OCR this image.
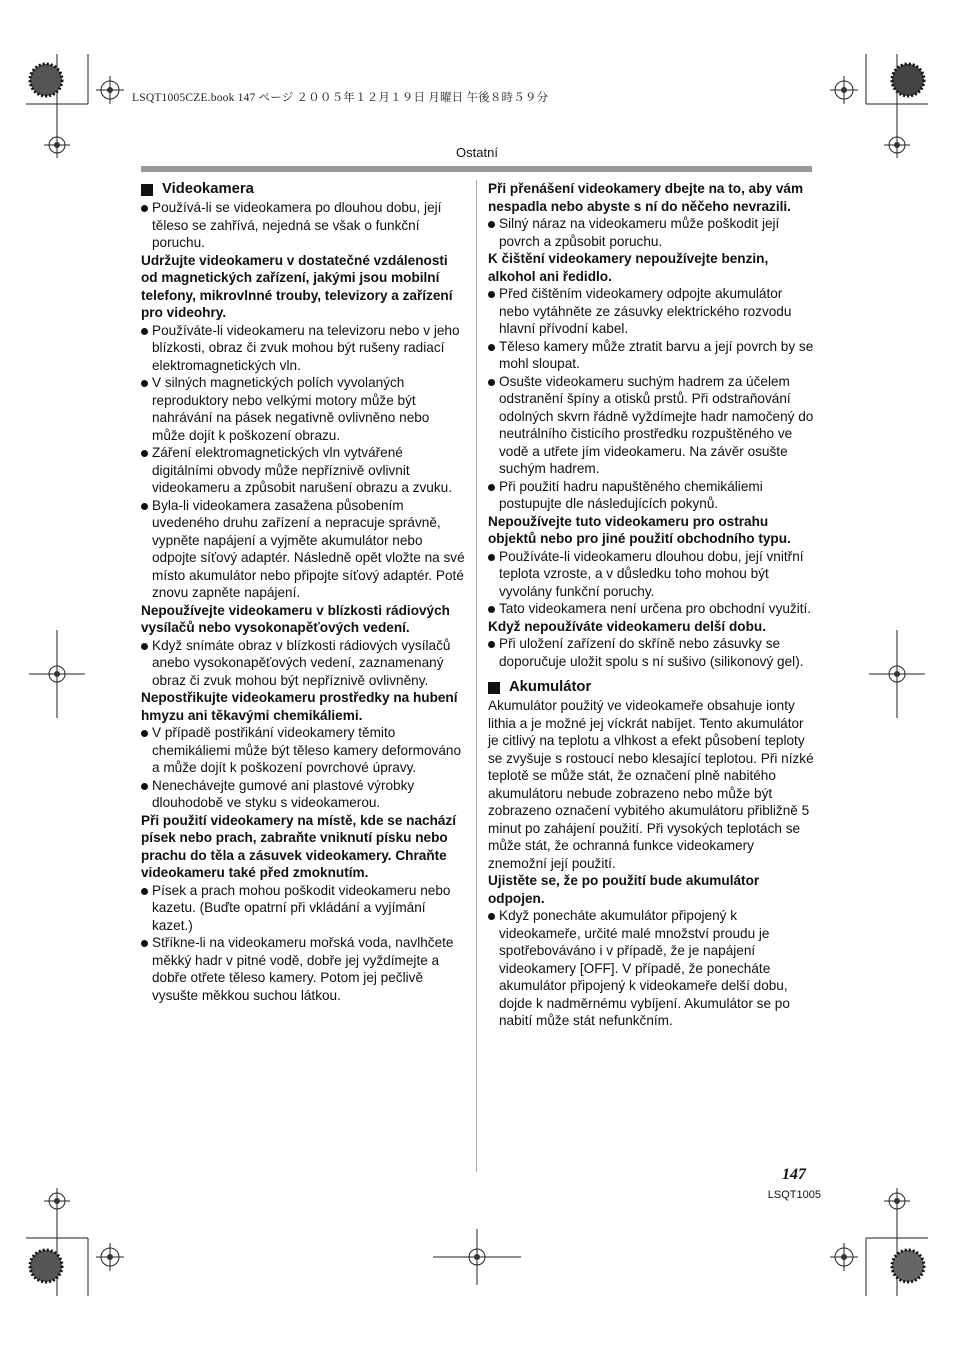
LSQT1005CZE.book 147 ページ ２００５年１２月１９日 月曜日 午後８時５９分
Ostatní
Videokamera

Používá-li se videokamera po dlouhou dobu, její těleso se zahřívá, nejedná se však o funkční poruchu.

Udržujte videokameru v dostatečné vzdálenosti od magnetických zařízení, jakými jsou mobilní telefony, mikrovlnné trouby, televizory a zařízení pro videohry.

Používáte-li videokameru na televizoru nebo v jeho blízkosti, obraz či zvuk mohou být rušeny radiací elektromagnetických vln.

V silných magnetických polích vyvolaných reproduktory nebo velkými motory může být nahrávání na pásek negativně ovlivněno nebo může dojít k poškození obrazu.

Záření elektromagnetických vln vytvářené digitálními obvody může nepříznivě ovlivnit videokameru a způsobit narušení obrazu a zvuku.

Byla-li videokamera zasažena působením uvedeného druhu zařízení a nepracuje správně, vypněte napájení a vyjměte akumulátor nebo odpojte síťový adaptér. Následně opět vložte na své místo akumulátor nebo připojte síťový adaptér. Poté znovu zapněte napájení.

Nepoužívejte videokameru v blízkosti rádiových vysílačů nebo vysokonapěťových vedení.

Když snímáte obraz v blízkosti rádiových vysílačů anebo vysokonapěťových vedení, zaznamenaný obraz či zvuk mohou být nepříznivě ovlivněny.

Nepostřikujte videokameru prostředky na hubení hmyzu ani těkavými chemikáliemi.

V případě postřikání videokamery těmito chemikáliemi může být těleso kamery deformováno a může dojít k poškození povrchové úpravy.

Nenechávejte gumové ani plastové výrobky dlouhodobě ve styku s videokamerou.

Při použití videokamery na místě, kde se nachází písek nebo prach, zabraňte vniknutí písku nebo prachu do těla a zásuvek videokamery. Chraňte videokameru také před zmoknutím.

Písek a prach mohou poškodit videokameru nebo kazetu. (Buďte opatrní při vkládání a vyjímání kazet.)

Stříkne-li na videokameru mořská voda, navlhčete měkký hadr v pitné vodě, dobře jej vyždímejte a dobře otřete těleso kamery. Potom jej pečlivě vysušte měkkou suchou látkou.

Při přenášení videokamery dbejte na to, aby vám nespadla nebo abyste s ní do něčeho nevrazili.

Silný náraz na videokameru může poškodit její povrch a způsobit poruchu.

K čištění videokamery nepoužívejte benzin, alkohol ani ředidlo.

Před čištěním videokamery odpojte akumulátor nebo vytáhněte ze zásuvky elektrického rozvodu hlavní přívodní kabel.

Těleso kamery může ztratit barvu a její povrch by se mohl sloupat.

Osušte videokameru suchým hadrem za účelem odstranění špíny a otisků prstů. Při odstraňování odolných skvrn řádně vyždímejte hadr namočený do neutrálního čisticího prostředku rozpuštěného ve vodě a utřete jím videokameru. Na závěr osušte suchým hadrem.

Při použití hadru napuštěného chemikáliemi postupujte dle následujících pokynů.

Nepoužívejte tuto videokameru pro ostrahu objektů nebo pro jiné použití obchodního typu.

Používáte-li videokameru dlouhou dobu, její vnitřní teplota vzroste, a v důsledku toho mohou být vyvolány funkční poruchy.

Tato videokamera není určena pro obchodní využití.

Když nepoužíváte videokameru delší dobu.

Při uložení zařízení do skříně nebo zásuvky se doporučuje uložit spolu s ní sušivo (silikonový gel).

Akumulátor

Akumulátor použitý ve videokameře obsahuje ionty lithia a je možné jej víckrát nabíjet. Tento akumulátor je citlivý na teplotu a vlhkost a efekt působení teploty se zvyšuje s rostoucí nebo klesající teplotou. Při nízké teplotě se může stát, že označení plně nabitého akumulátoru nebude zobrazeno nebo může být zobrazeno označení vybitého akumulátoru přibližně 5 minut po zahájení použití. Při vysokých teplotách se může stát, že ochranná funkce videokamery znemožní její použití.

Ujistěte se, že po použití bude akumulátor odpojen.

Když ponecháte akumulátor připojený k videokameře, určité malé množství proudu je spotřebováváno i v případě, že je napájení videokamery [OFF]. V případě, že ponecháte akumulátor připojený k videokameře delší dobu, dojde k nadměrnému vybíjení. Akumulátor se po nabití může stát nefunkčním.

147
LSQT1005
